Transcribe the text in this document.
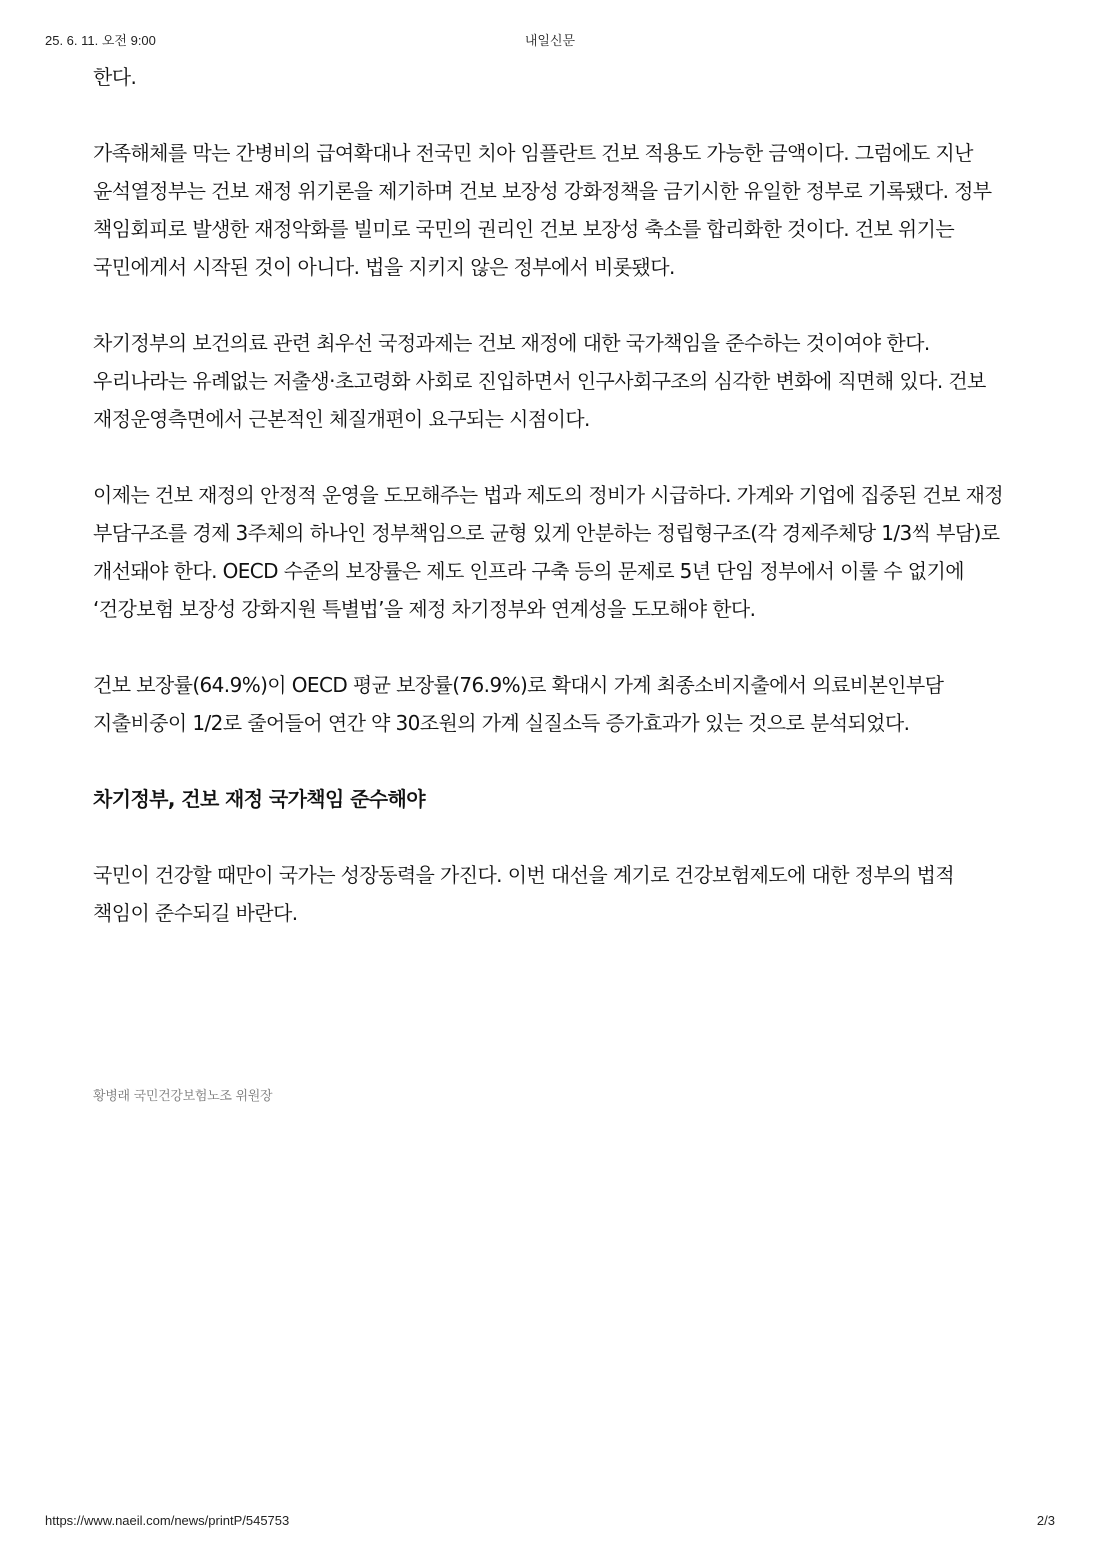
25. 6. 11. 오전 9:00	내일신문

한다.

가족해체를 막는 간병비의 급여확대나 전국민 치아 임플란트 건보 적용도 가능한 금액이다. 그럼에도 지난 윤석열정부는 건보 재정 위기론을 제기하며 건보 보장성 강화정책을 금기시한 유일한 정부로 기록됐다. 정부 책임회피로 발생한 재정악화를 빌미로 국민의 권리인 건보 보장성 축소를 합리화한 것이다. 건보 위기는 국민에게서 시작된 것이 아니다. 법을 지키지 않은 정부에서 비롯됐다.

차기정부의 보건의료 관련 최우선 국정과제는 건보 재정에 대한 국가책임을 준수하는 것이여야 한다. 우리나라는 유례없는 저출생·초고령화 사회로 진입하면서 인구사회구조의 심각한 변화에 직면해 있다. 건보 재정운영측면에서 근본적인 체질개편이 요구되는 시점이다.

이제는 건보 재정의 안정적 운영을 도모해주는 법과 제도의 정비가 시급하다. 가계와 기업에 집중된 건보 재정 부담구조를 경제 3주체의 하나인 정부책임으로 균형 있게 안분하는 정립형구조(각 경제주체당 1/3씩 부담)로 개선돼야 한다. OECD 수준의 보장률은 제도 인프라 구축 등의 문제로 5년 단임 정부에서 이룰 수 없기에 ‘건강보험 보장성 강화지원 특별법’을 제정 차기정부와 연계성을 도모해야 한다.

건보 보장률(64.9%)이 OECD 평균 보장률(76.9%)로 확대시 가계 최종소비지출에서 의료비본인부담 지출비중이 1/2로 줄어들어 연간 약 30조원의 가계 실질소득 증가효과가 있는 것으로 분석되었다.

차기정부, 건보 재정 국가책임 준수해야

국민이 건강할 때만이 국가는 성장동력을 가진다. 이번 대선을 계기로 건강보험제도에 대한 정부의 법적 책임이 준수되길 바란다.

황병래 국민건강보험노조 위원장
https://www.naeil.com/news/printP/545753	2/3
